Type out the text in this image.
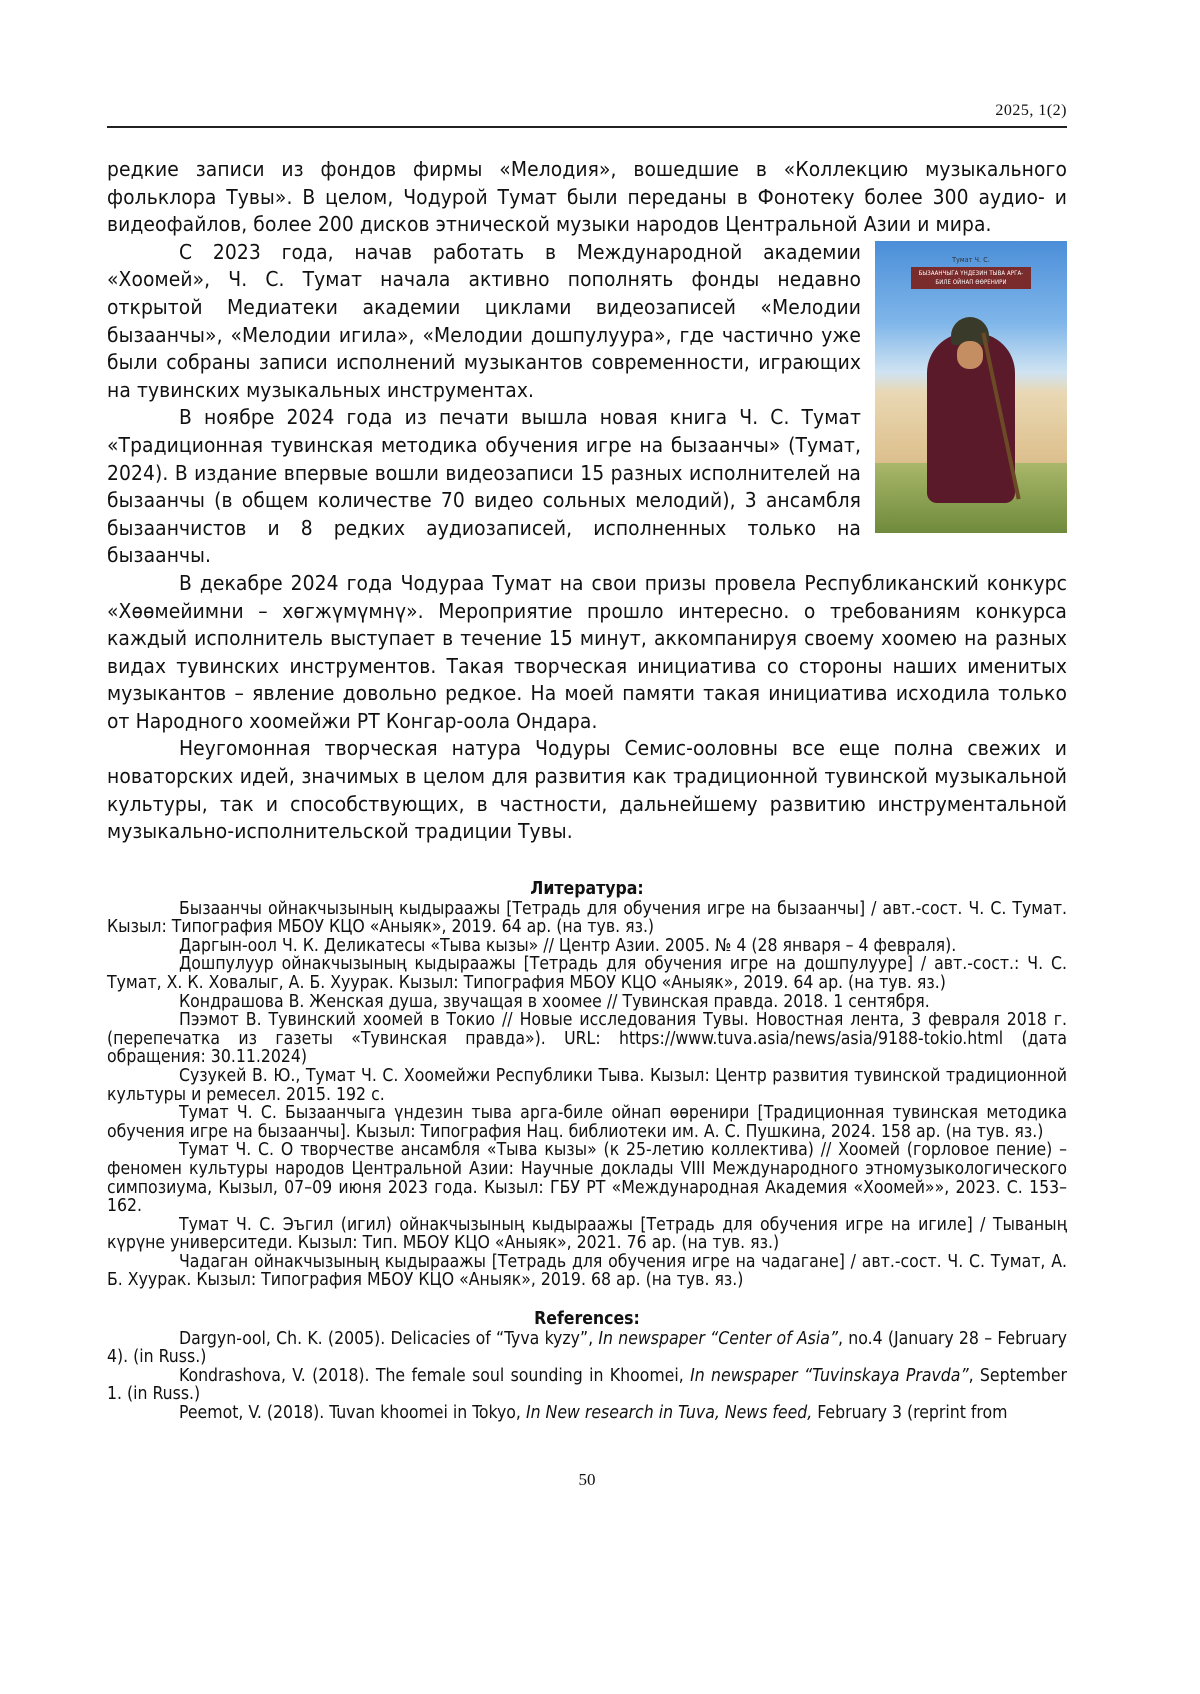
2025, 1(2)

редкие записи из фондов фирмы «Мелодия», вошедшие в «Коллекцию музыкального фольклора Тувы». В целом, Чодурой Тумат были переданы в Фонотеку более 300 аудио- и видеофайлов, более 200 дисков этнической музыки народов Центральной Азии и мира.

Тумат Ч. С.
БЫЗААНЧЫГА ҮНДЕЗИН ТЫВА АРГА-БИЛЕ ОЙНАП ӨӨРЕНИРИ

С 2023 года, начав работать в Международной академии «Хоомей», Ч. С. Тумат начала активно пополнять фонды недавно открытой Медиатеки академии циклами видеозаписей «Мелодии бызаанчы», «Мелодии игила», «Мелодии дошпулуура», где частично уже были собраны записи исполнений музыкантов современности, играющих на тувинских музыкальных инструментах.

В ноябре 2024 года из печати вышла новая книга Ч. С. Тумат «Традиционная тувинская методика обучения игре на бызаанчы» (Тумат, 2024). В издание впервые вошли видеозаписи 15 разных исполнителей на бызаанчы (в общем количестве 70 видео сольных мелодий), 3 ансамбля бызаанчистов и 8 редких аудиозаписей, исполненных только на бызаанчы.

В декабре 2024 года Чодураа Тумат на свои призы провела Республиканский конкурс «Хөөмейимни – хөгжүмүмнү». Мероприятие прошло интересно. о требованиям конкурса каждый исполнитель выступает в течение 15 минут, аккомпанируя своему хоомею на разных видах тувинских инструментов. Такая творческая инициатива со стороны наших именитых музыкантов – явление довольно редкое. На моей памяти такая инициатива исходила только от Народного хоомейжи РТ Конгар-оола Ондара.

Неугомонная творческая натура Чодуры Семис-ооловны все еще полна свежих и новаторских идей, значимых в целом для развития как традиционной тувинской музыкальной культуры, так и способствующих, в частности, дальнейшему развитию инструментальной музыкально-исполнительской традиции Тувы.

Литература:

Бызаанчы ойнакчызының кыдыраажы [Тетрадь для обучения игре на бызаанчы] / авт.-сост. Ч. С. Тумат. Кызыл: Типография МБОУ КЦО «Аныяк», 2019. 64 ар. (на тув. яз.)

Даргын-оол Ч. К. Деликатесы «Тыва кызы» // Центр Азии. 2005. № 4 (28 января – 4 февраля).

Дошпулуур ойнакчызының кыдыраажы [Тетрадь для обучения игре на дошпулууре] / авт.-сост.: Ч. С. Тумат, Х. К. Ховалыг, А. Б. Хуурак. Кызыл: Типография МБОУ КЦО «Аныяк», 2019. 64 ар. (на тув. яз.)

Кондрашова В. Женская душа, звучащая в хоомее // Тувинская правда. 2018. 1 сентября.

Пээмот В. Тувинский хоомей в Токио // Новые исследования Тувы. Новостная лента, 3 февраля 2018 г. (перепечатка из газеты «Тувинская правда»). URL: https://www.tuva.asia/news/asia/9188-tokio.html (дата обращения: 30.11.2024)

Сузукей В. Ю., Тумат Ч. С. Хоомейжи Республики Тыва. Кызыл: Центр развития тувинской традиционной культуры и ремесел. 2015. 192 с.

Тумат Ч. С. Бызаанчыга үндезин тыва арга-биле ойнап өөренири [Традиционная тувинская методика обучения игре на бызаанчы]. Кызыл: Типография Нац. библиотеки им. А. С. Пушкина, 2024. 158 ар. (на тув. яз.)

Тумат Ч. С. О творчестве ансамбля «Тыва кызы» (к 25-летию коллектива) // Хоомей (горловое пение) – феномен культуры народов Центральной Азии: Научные доклады VIII Международного этномузыкологического симпозиума, Кызыл, 07–09 июня 2023 года. Кызыл: ГБУ РТ «Международная Академия «Хоомей»», 2023. С. 153–162.

Тумат Ч. С. Эъгил (игил) ойнакчызының кыдыраажы [Тетрадь для обучения игре на игиле] / Тываның күрүне университеди. Кызыл: Тип. МБОУ КЦО «Аныяк», 2021. 76 ар. (на тув. яз.)

Чадаган ойнакчызының кыдыраажы [Тетрадь для обучения игре на чадагане] / авт.-сост. Ч. С. Тумат, А. Б. Хуурак. Кызыл: Типография МБОУ КЦО «Аныяк», 2019. 68 ар. (на тув. яз.)

References:

Dargyn-ool, Ch. K. (2005). Delicacies of “Tyva kyzy”, In newspaper “Center of Asia”, no.4 (January 28 – February 4). (in Russ.)

Kondrashova, V. (2018). The female soul sounding in Khoomei, In newspaper “Tuvinskaya Pravda”, September 1. (in Russ.)

Peemot, V. (2018). Tuvan khoomei in Tokyo, In New research in Tuva, News feed, February 3 (reprint from

50
